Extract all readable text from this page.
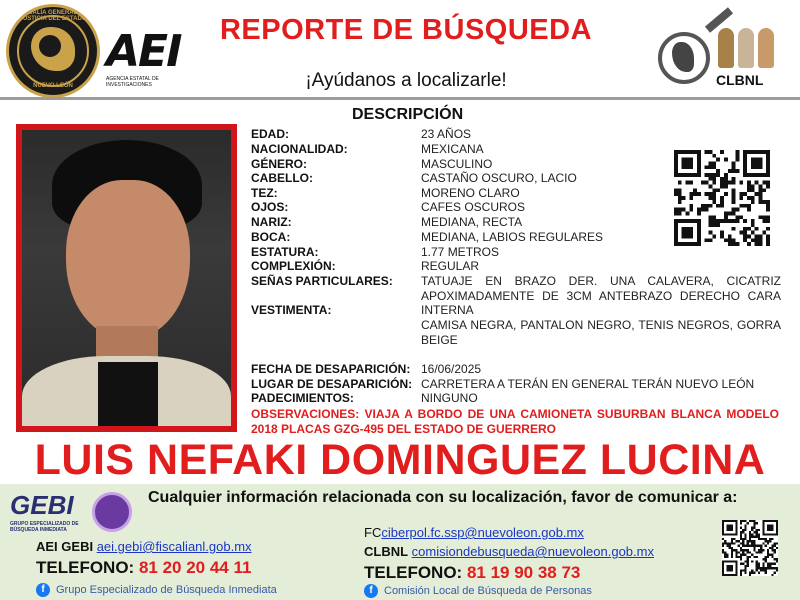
FISCALÍA GENERAL DE JUSTICIA DEL ESTADO
NUEVO LEÓN
AEI
AGENCIA ESTATAL DE INVESTIGACIONES
REPORTE DE BÚSQUEDA
¡Ayúdanos a localizarle!	CLBNL
DESCRIPCIÓN
EDAD:	23 AÑOS
NACIONALIDAD:	MEXICANA
GÉNERO:	MASCULINO
CABELLO:	CASTAÑO OSCURO, LACIO
TEZ:	MORENO CLARO
OJOS:	CAFES OSCUROS
NARIZ:	MEDIANA, RECTA
BOCA:	MEDIANA, LABIOS REGULARES
ESTATURA:	1.77 METROS
COMPLEXIÓN:	REGULAR
SEÑAS PARTICULARES: TATUAJE EN BRAZO DER. UNA CALAVERA, CICATRIZ APOXIMADAMENTE DE 3CM ANTEBRAZO DERECHO CARA INTERNA
VESTIMENTA:
CAMISA NEGRA, PANTALON NEGRO, TENIS NEGROS, GORRA BEIGE
FECHA DE DESAPARICIÓN: 16/06/2025
LUGAR DE DESAPARICIÓN: CARRETERA A TERÁN EN GENERAL TERÁN NUEVO LEÓN
PADECIMIENTOS:	NINGUNO
OBSERVACIONES: VIAJA A BORDO DE UNA CAMIONETA SUBURBAN BLANCA MODELO 2018 PLACAS GZG-495 DEL ESTADO DE GUERRERO
LUIS NEFAKI DOMINGUEZ LUCINA
GEBI
GRUPO ESPECIALIZADO DE BÚSQUEDA INMEDIATA
Cualquier información relacionada con su localización, favor de comunicar a:
AEI GEBI aei.gebi@fiscalianl.gob.mx
TELEFONO: 81 20 20 44 11
f Grupo Especializado de Búsqueda Inmediata
FCciberpol.fc.ssp@nuevoleon.gob.mx
CLBNL comisiondebusqueda@nuevoleon.gob.mx
TELEFONO: 81 19 90 38 73
f Comisión Local de Búsqueda de Personas
